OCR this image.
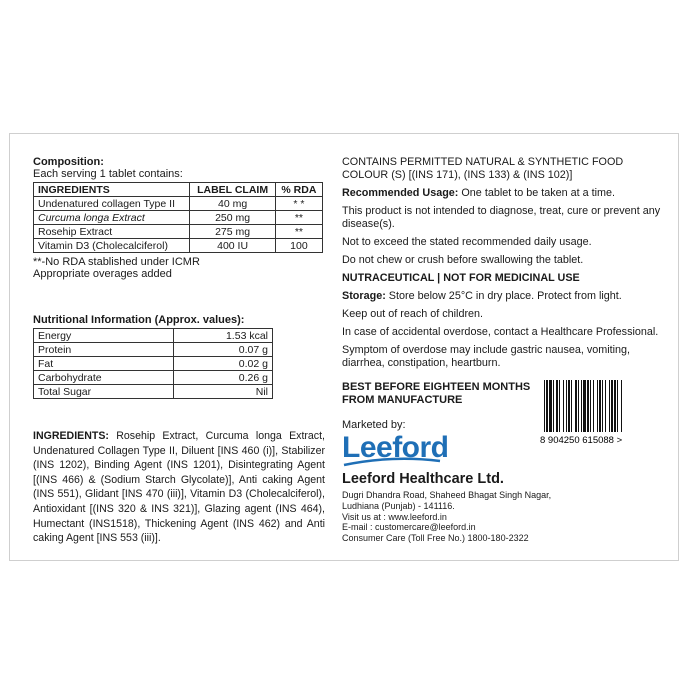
Composition:
Each serving 1 tablet contains:
INGREDIENTS	LABEL CLAIM	% RDA
Undenatured collagen Type II	40 mg	* *
Curcuma longa Extract	250 mg	**
Rosehip Extract	275 mg	**
Vitamin D3 (Cholecalciferol)	400 IU	100
**-No RDA stablished under ICMR
Appropriate overages added
Nutritional Information (Approx. values):
Energy	1.53 kcal
Protein	0.07 g
Fat	0.02 g
Carbohydrate	0.26 g
Total Sugar	Nil
INGREDIENTS: Rosehip Extract, Curcuma longa Extract, Undenatured Collagen Type II, Diluent [INS 460 (i)], Stabilizer (INS 1202), Binding Agent (INS 1201), Disintegrating Agent [(INS 466) & (Sodium Starch Glycolate)], Anti caking Agent (INS 551), Glidant [INS 470 (iii)], Vitamin D3 (Cholecalciferol), Antioxidant [(INS 320 & INS 321)], Glazing agent (INS 464), Humectant (INS1518), Thickening Agent (INS 462) and Anti caking Agent [INS 553 (iii)].

CONTAINS PERMITTED NATURAL & SYNTHETIC FOOD COLOUR (S) [(INS 171), (INS 133) & (INS 102)]

Recommended Usage: One tablet to be taken at a time.

This product is not intended to diagnose, treat, cure or prevent any disease(s).

Not to exceed the stated recommended daily usage.

Do not chew or crush before swallowing the tablet.

NUTRACEUTICAL | NOT FOR MEDICINAL USE

Storage: Store below 25°C in dry place. Protect from light.

Keep out of reach of children.

In case of accidental overdose, contact a Healthcare Professional.

Symptom of overdose may include gastric nausea, vomiting, diarrhea, constipation, heartburn.

BEST BEFORE EIGHTEEN MONTHS FROM MANUFACTURE
8 904250 615088 >
Marketed by:
Leeford
Leeford Healthcare Ltd.
Dugri Dhandra Road, Shaheed Bhagat Singh Nagar,
Ludhiana (Punjab) - 141116.
Visit us at : www.leeford.in
E-mail : customercare@leeford.in
Consumer Care (Toll Free No.) 1800-180-2322
